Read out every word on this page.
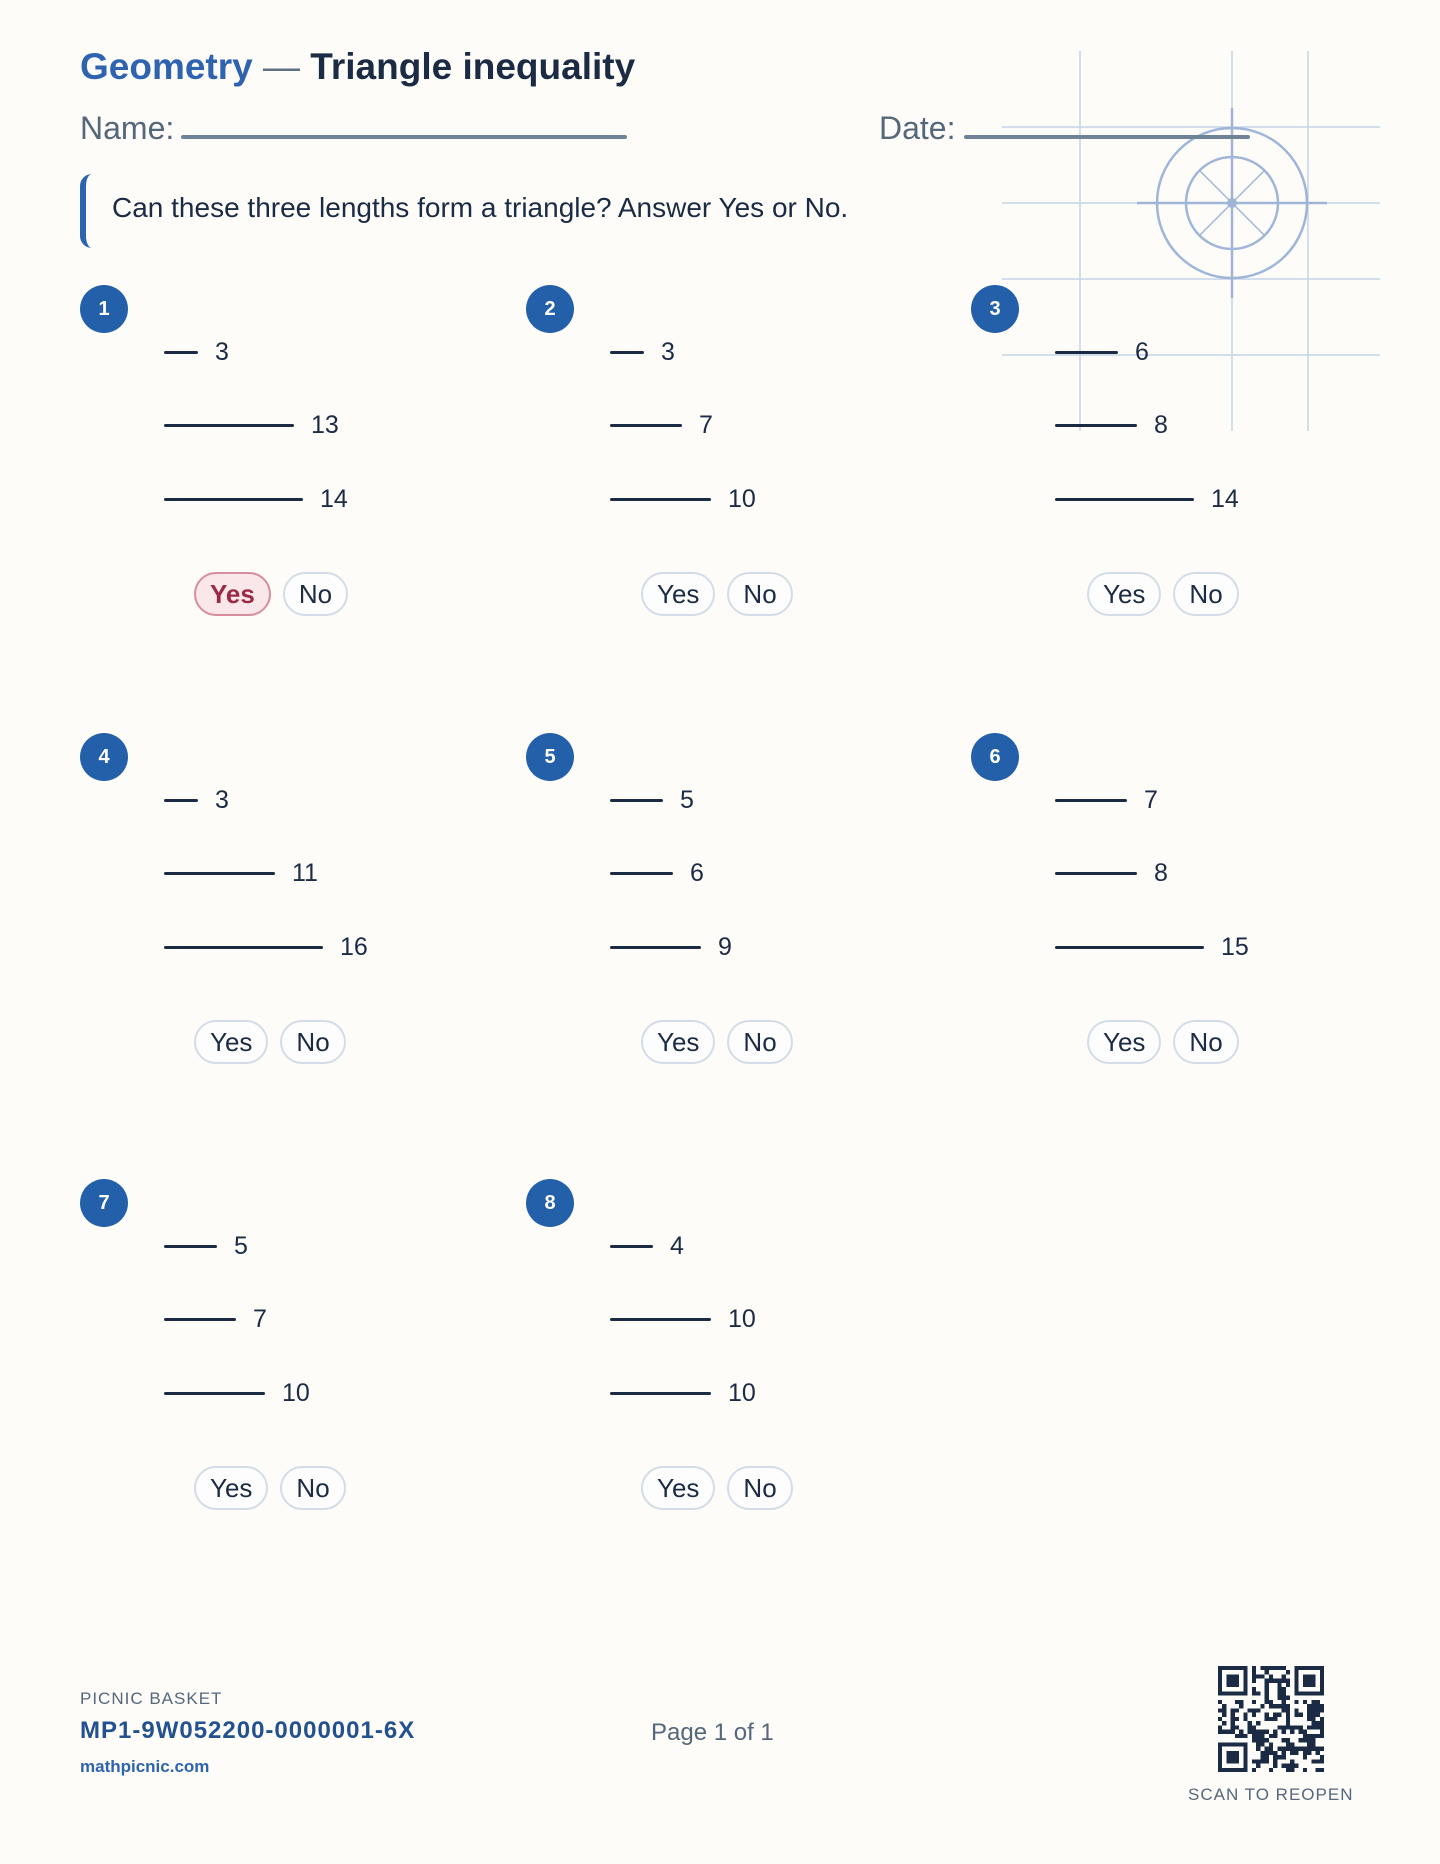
Geometry — Triangle inequality
Name:	Date:
Can these three lengths form a triangle? Answer Yes or No.
1
3
13
14
Yes	No
2
3
7
10
Yes	No
3
6
8
14
Yes	No
4
3
11
16
Yes	No
5
5
6
9
Yes	No
6
7
8
15
Yes	No
7
5
7
10
Yes	No
8
4
10
10
Yes	No
PICNIC BASKET
MP1-9W052200-0000001-6X
mathpicnic.com
Page 1 of 1
SCAN TO REOPEN
